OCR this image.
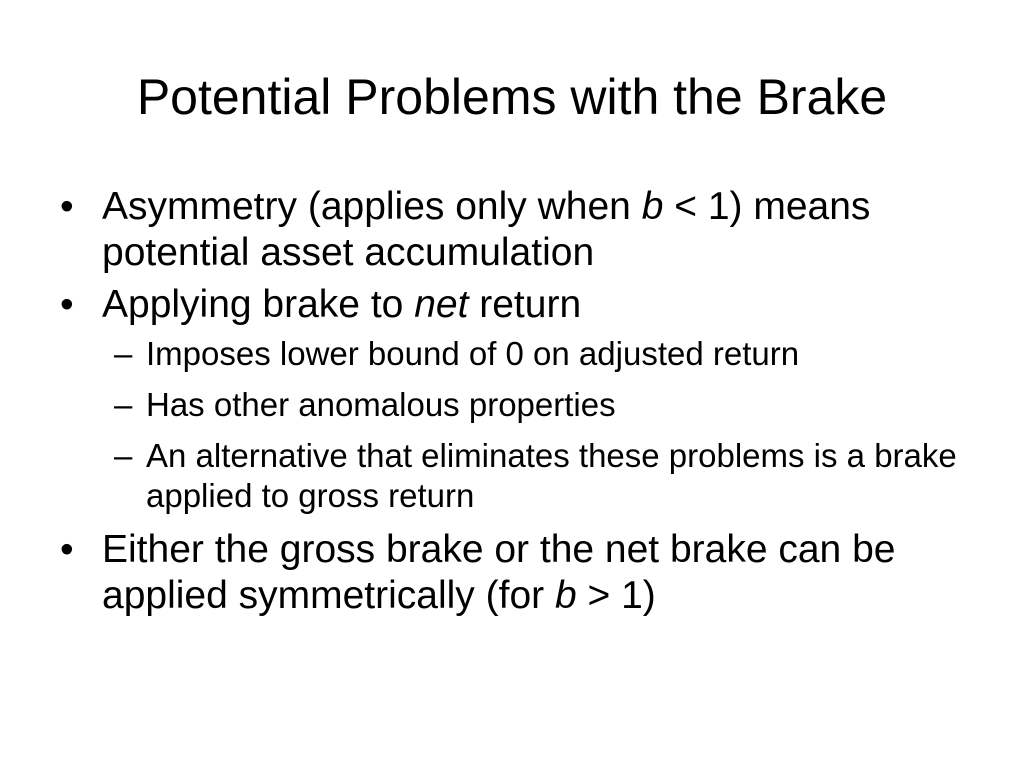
Potential Problems with the Brake
• Asymmetry (applies only when b < 1) means potential asset accumulation
• Applying brake to net return
– Imposes lower bound of 0 on adjusted return
– Has other anomalous properties
– An alternative that eliminates these problems is a brake applied to gross return
• Either the gross brake or the net brake can be applied symmetrically (for b > 1)
